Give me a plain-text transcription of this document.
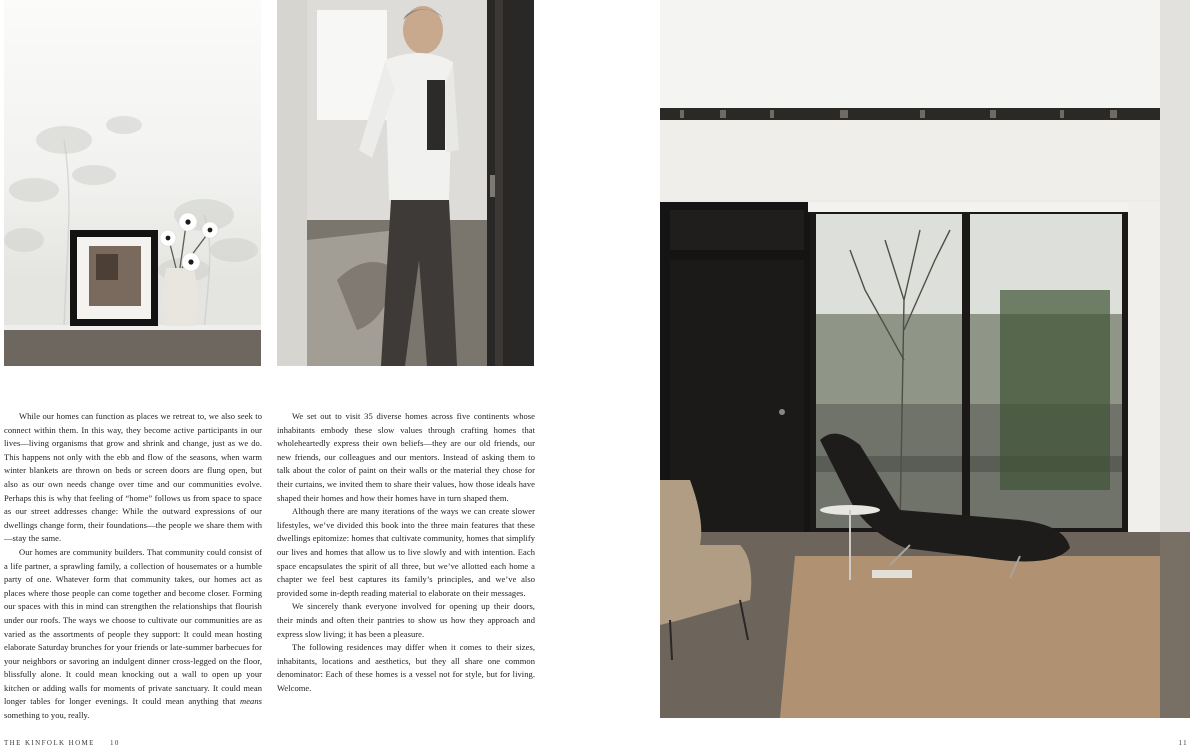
While our homes can function as places we retreat to, we also seek to connect within them. In this way, they become active participants in our lives—living organisms that grow and shrink and change, just as we do. This happens not only with the ebb and flow of the seasons, when warm winter blankets are thrown on beds or screen doors are flung open, but also as our own needs change over time and our communities evolve. Perhaps this is why that feeling of “home” follows us from space to space as our street addresses change: While the outward expressions of our dwellings change form, their foundations—the people we share them with—stay the same.

Our homes are community builders. That community could consist of a life partner, a sprawling family, a collection of housemates or a humble party of one. Whatever form that community takes, our homes act as places where those people can come together and become closer. Forming our spaces with this in mind can strengthen the relationships that flourish under our roofs. The ways we choose to cultivate our communities are as varied as the assortments of people they support: It could mean hosting elaborate Saturday brunches for your friends or late-summer barbecues for your neighbors or savoring an indulgent dinner cross-legged on the floor, blissfully alone. It could mean knocking out a wall to open up your kitchen or adding walls for moments of private sanctuary. It could mean longer tables for longer evenings. It could mean anything that means something to you, really.

We set out to visit 35 diverse homes across five continents whose inhabitants embody these slow values through crafting homes that wholeheartedly express their own beliefs—they are our old friends, our new friends, our colleagues and our mentors. Instead of asking them to talk about the color of paint on their walls or the material they chose for their curtains, we invited them to share their values, how those ideals have shaped their homes and how their homes have in turn shaped them.

Although there are many iterations of the ways we can create slower lifestyles, we’ve divided this book into the three main features that these dwellings epitomize: homes that cultivate community, homes that simplify our lives and homes that allow us to live slowly and with intention. Each space encapsulates the spirit of all three, but we’ve allotted each home a chapter we feel best captures its family’s principles, and we’ve also provided some in-depth reading material to elaborate on their messages.

We sincerely thank everyone involved for opening up their doors, their minds and often their pantries to show us how they approach and express slow living; it has been a pleasure.

The following residences may differ when it comes to their sizes, inhabitants, locations and aesthetics, but they all share one common denominator: Each of these homes is a vessel not for style, but for living. Welcome.

THE KINFOLK HOME 10	11
